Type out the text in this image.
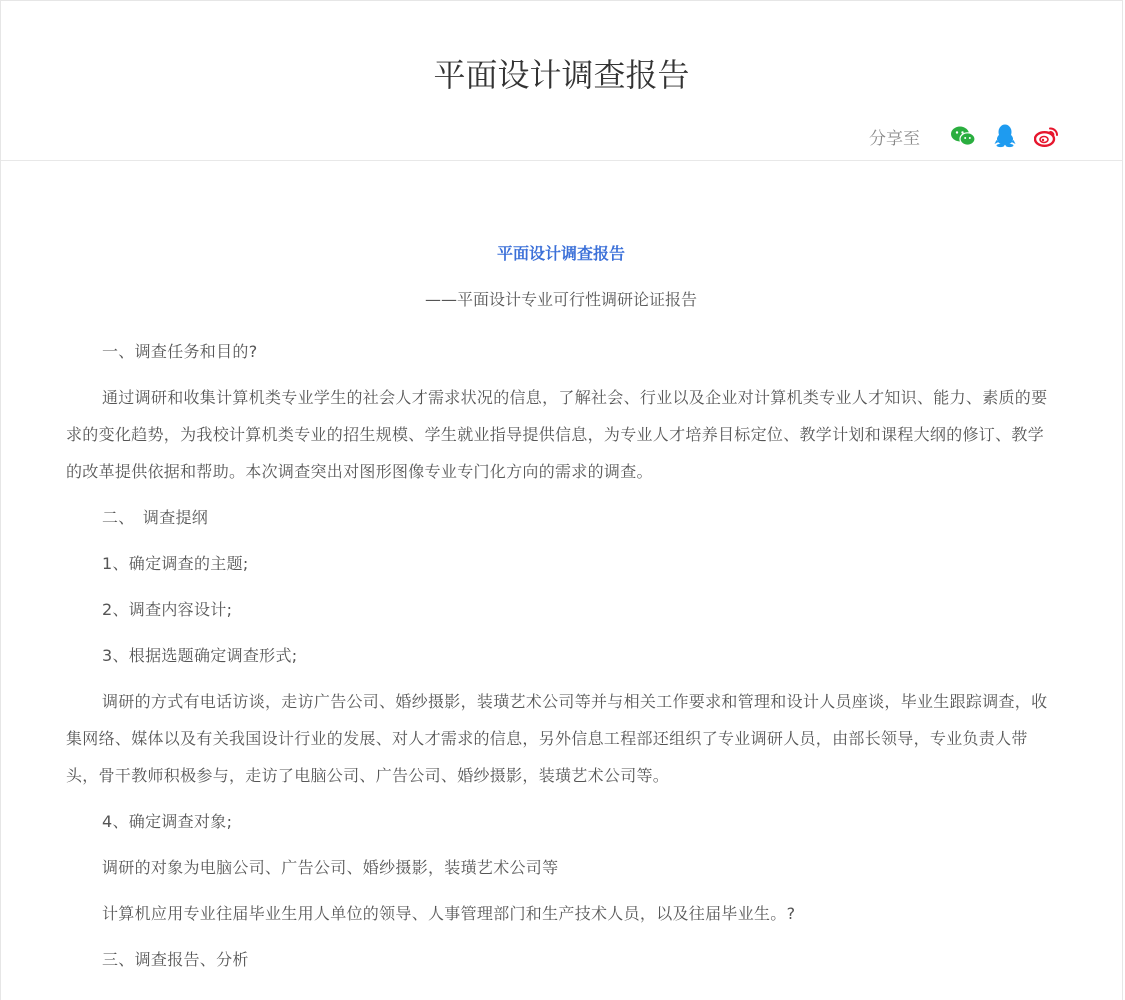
平面设计调查报告
分享至
平面设计调查报告
——平面设计专业可行性调研论证报告

一、调查任务和目的?

通过调研和收集计算机类专业学生的社会人才需求状况的信息，了解社会、行业以及企业对计算机类专业人才知识、能力、素质的要求的变化趋势，为我校计算机类专业的招生规模、学生就业指导提供信息，为专业人才培养目标定位、教学计划和课程大纲的修订、教学的改革提供依据和帮助。本次调查突出对图形图像专业专门化方向的需求的调查。

二、　调查提纲

1、确定调查的主题;

2、调查内容设计;

3、根据选题确定调查形式;

调研的方式有电话访谈，走访广告公司、婚纱摄影，装璜艺术公司等并与相关工作要求和管理和设计人员座谈，毕业生跟踪调查，收集网络、媒体以及有关我国设计行业的发展、对人才需求的信息，另外信息工程部还组织了专业调研人员，由部长领导，专业负责人带头，骨干教师积极参与，走访了电脑公司、广告公司、婚纱摄影，装璜艺术公司等。

4、确定调查对象;

调研的对象为电脑公司、广告公司、婚纱摄影，装璜艺术公司等

计算机应用专业往届毕业生用人单位的领导、人事管理部门和生产技术人员，以及往届毕业生。?

三、调查报告、分析
